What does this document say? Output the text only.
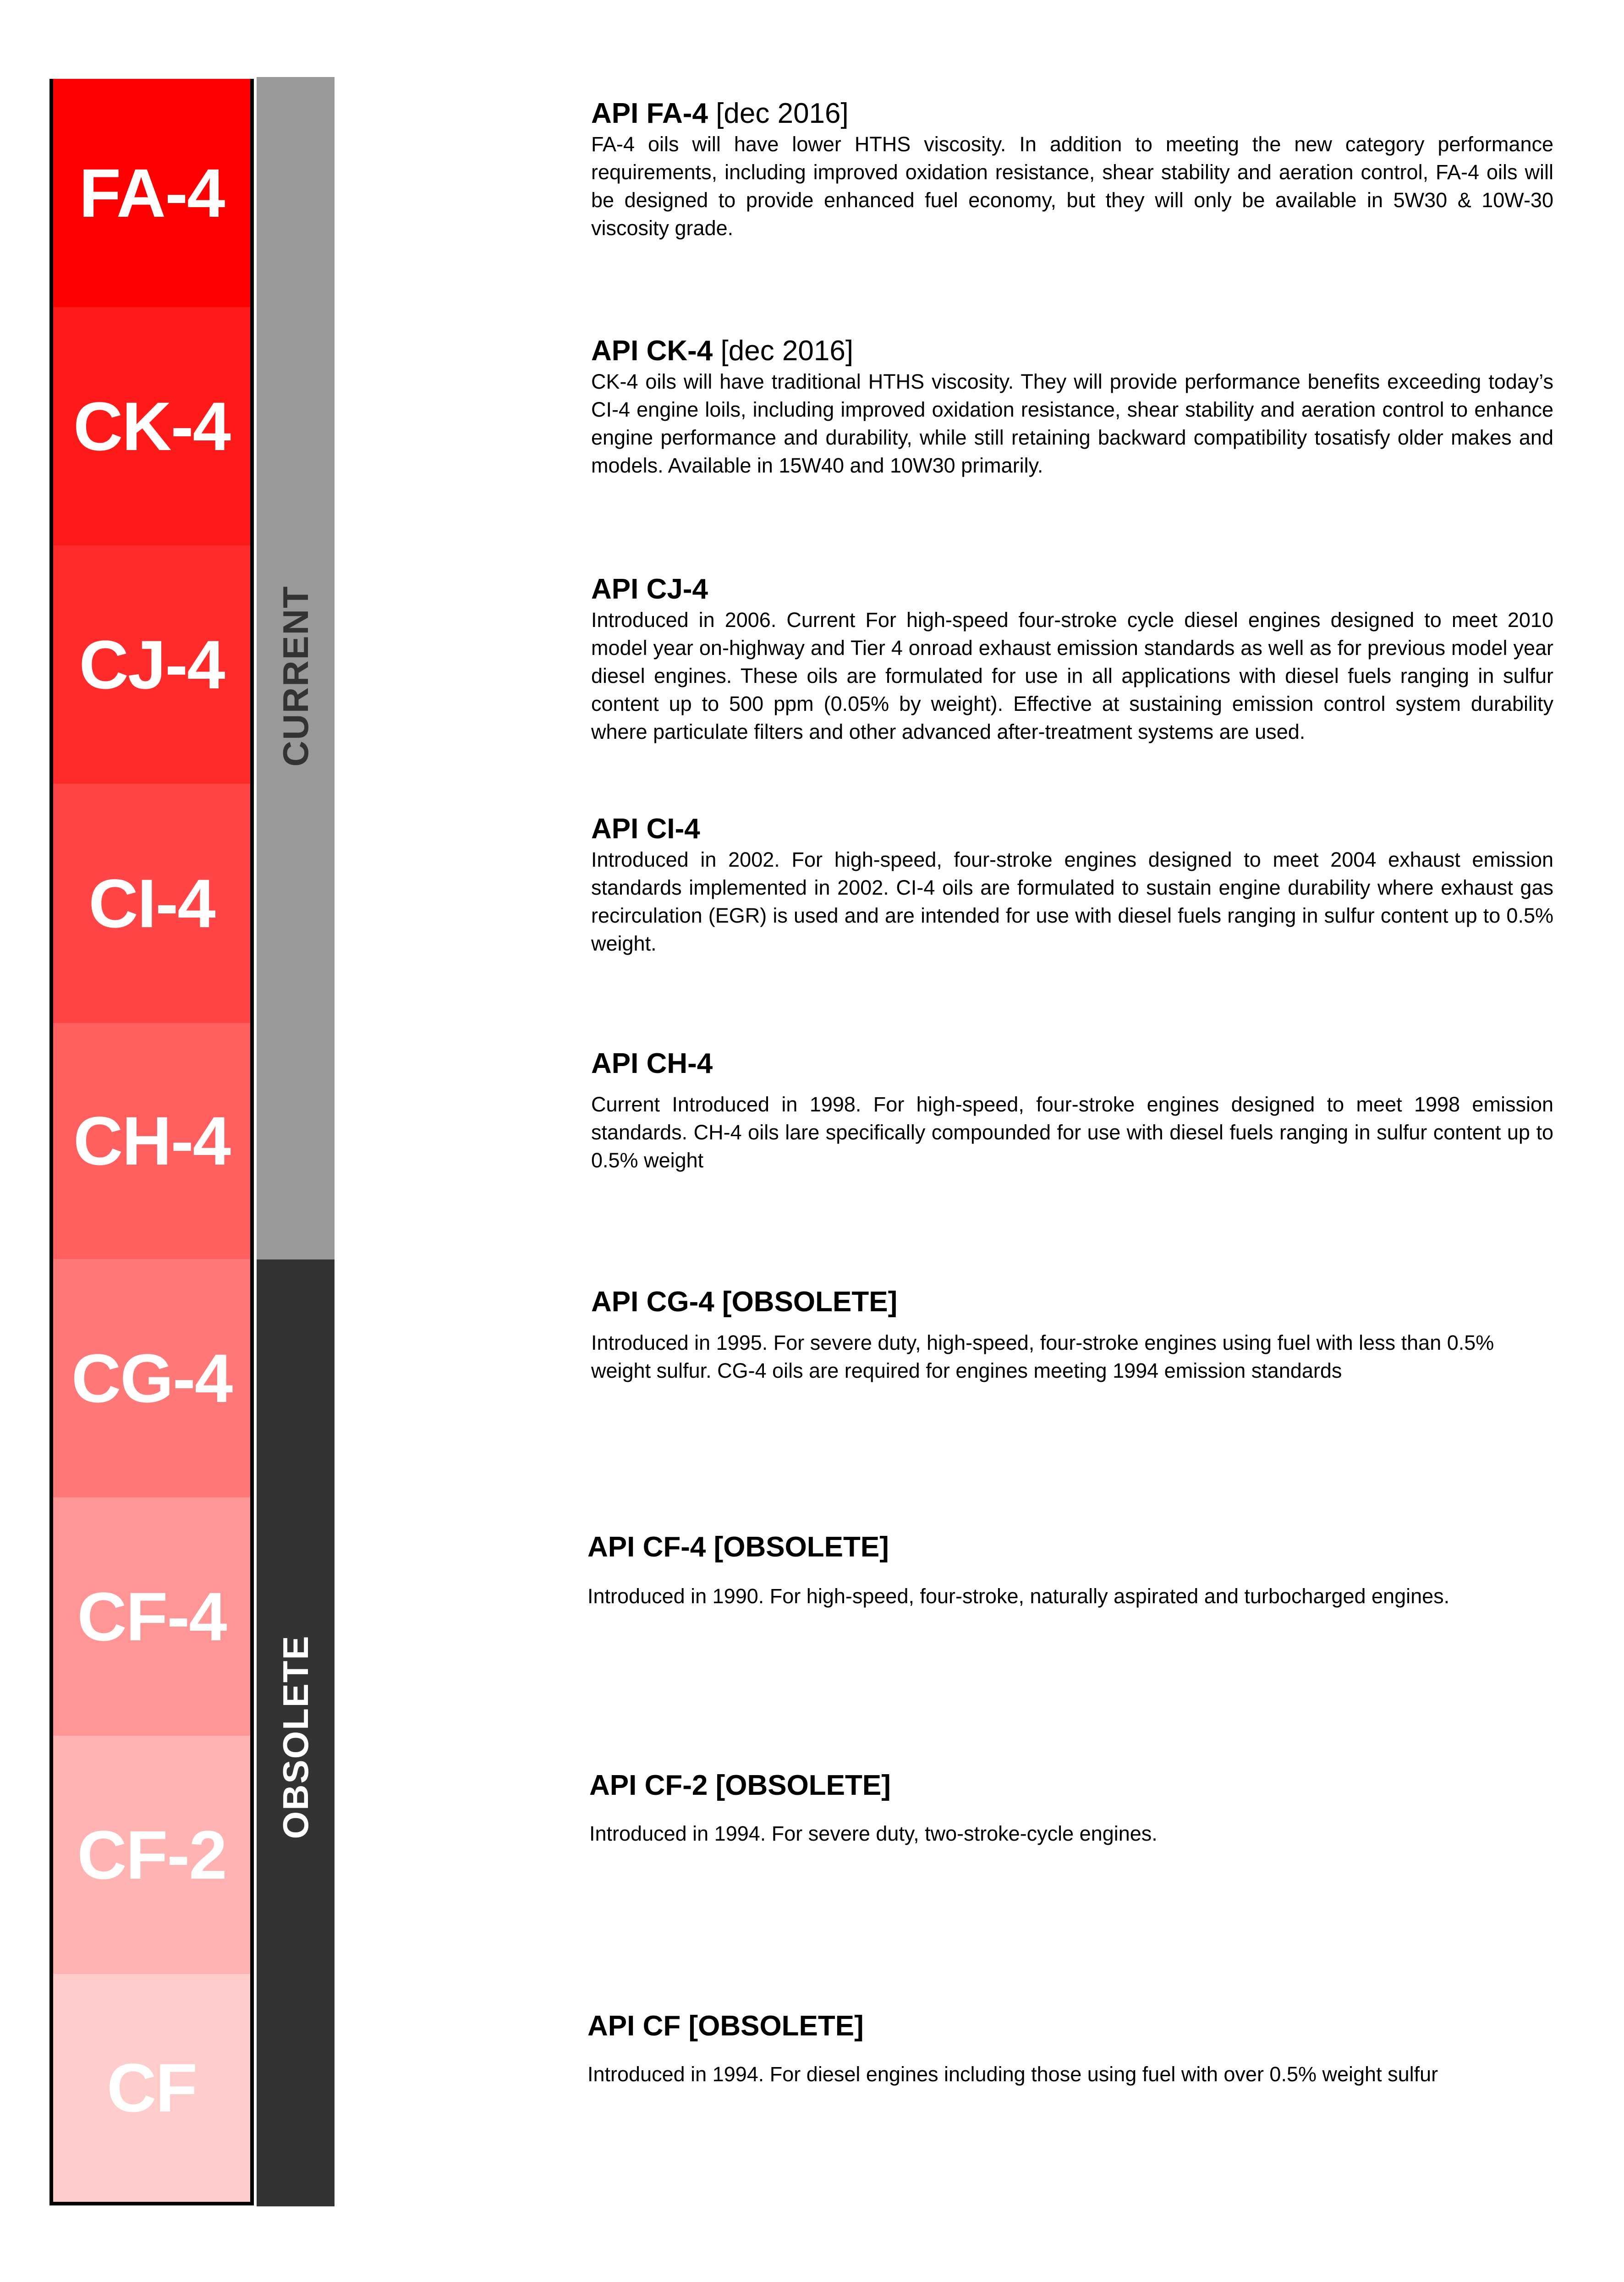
FA-4
CK-4
CJ-4
CI-4
CH-4
CG-4
CF-4
CF-2
CF
CURRENT
OBSOLETE

API FA-4 [dec 2016]

FA-4 oils will have lower HTHS viscosity. In addition to meeting the new category performance requirements, including improved oxidation resistance, shear stability and aeration control, FA-4 oils will be designed to provide enhanced fuel economy, but they will only be available in 5W30 & 10W-30 viscosity grade.

API CK-4 [dec 2016]

CK-4 oils will have traditional HTHS viscosity. They will provide performance benefits exceeding today’s CI-4 engine loils, including improved oxidation resistance, shear stability and aeration control to enhance engine performance and durability, while still retaining backward compatibility tosatisfy older makes and models. Available in 15W40 and 10W30 primarily.

API CJ-4

Introduced in 2006. Current For high-speed four-stroke cycle diesel engines designed to meet 2010 model year on-highway and Tier 4 onroad exhaust emission standards as well as for previous model year diesel engines. These oils are formulated for use in all applications with diesel fuels ranging in sulfur content up to 500 ppm (0.05% by weight). Effective at sustaining emission control system durability where particulate filters and other advanced after-treatment systems are used.

API CI-4

Introduced in 2002. For high-speed, four-stroke engines designed to meet 2004 exhaust emission standards implemented in 2002. CI-4 oils are formulated to sustain engine durability where exhaust gas recirculation (EGR) is used and are intended for use with diesel fuels ranging in sulfur content up to 0.5% weight.

API CH-4

Current Introduced in 1998. For high-speed, four-stroke engines designed to meet 1998 emission standards. CH-4 oils lare specifically compounded for use with diesel fuels ranging in sulfur content up to 0.5% weight

API CG-4 [OBSOLETE]

Introduced in 1995. For severe duty, high-speed, four-stroke engines using fuel with less than 0.5% weight sulfur. CG-4 oils are required for engines meeting 1994 emission standards

API CF-4 [OBSOLETE]

Introduced in 1990. For high-speed, four-stroke, naturally aspirated and turbocharged engines.

API CF-2 [OBSOLETE]

Introduced in 1994. For severe duty, two-stroke-cycle engines.

API CF [OBSOLETE]

Introduced in 1994. For diesel engines including those using fuel with over 0.5% weight sulfur
